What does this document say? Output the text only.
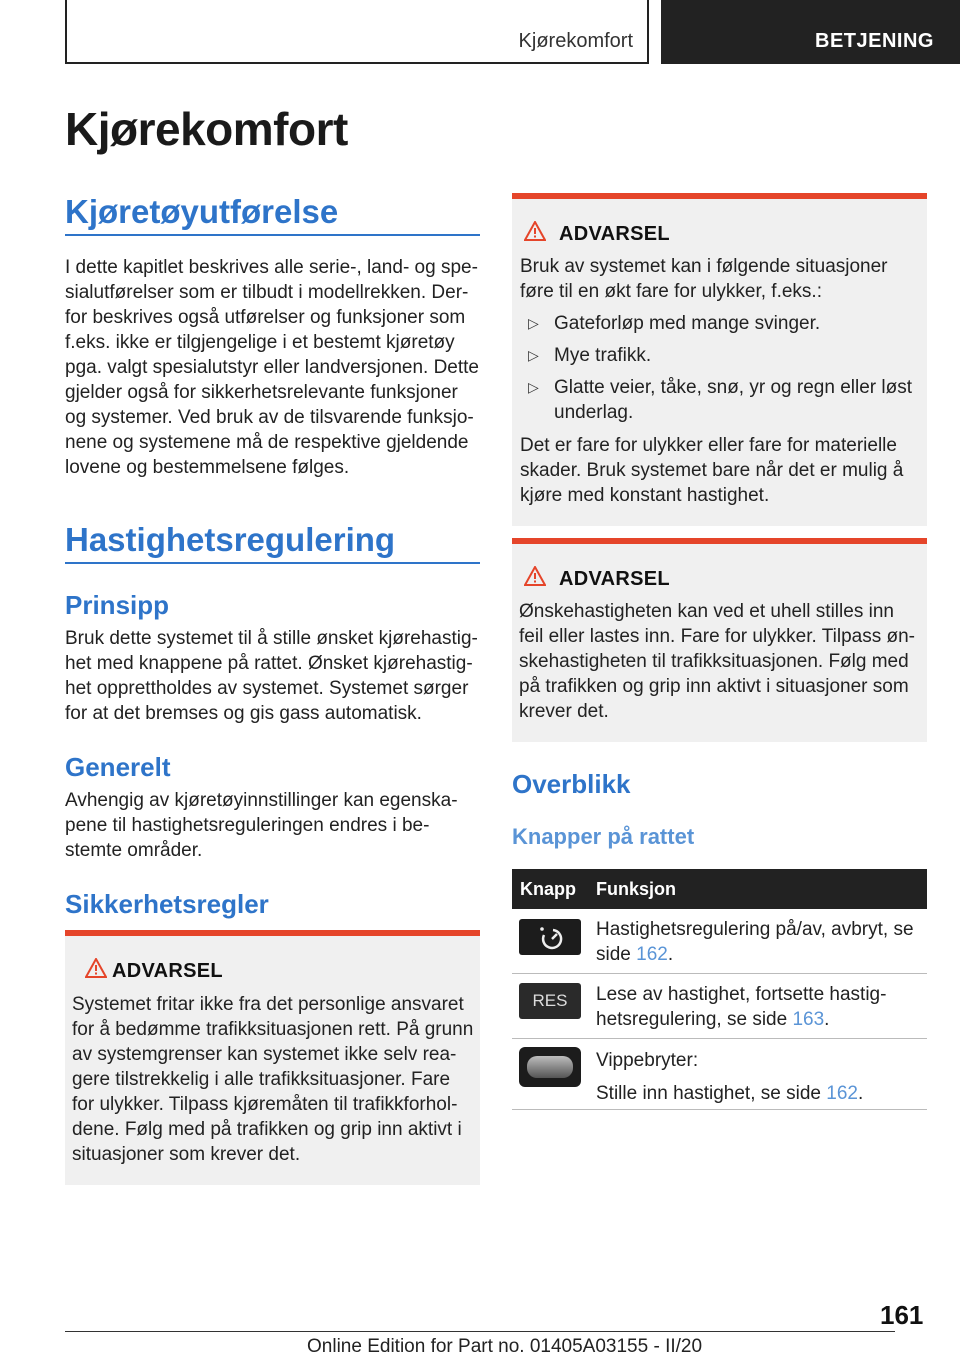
Kjørekomfort	BETJENING
Kjørekomfort
Kjøretøyutførelse
I dette kapitlet beskrives alle serie-, land- og spe-
sialutførelser som er tilbudt i modellrekken. Der-
for beskrives også utførelser og funksjoner som
f.eks. ikke er tilgjengelige i et bestemt kjøretøy
pga. valgt spesialutstyr eller landversjonen. Dette
gjelder også for sikkerhetsrelevante funksjoner
og systemer. Ved bruk av de tilsvarende funksjo-
nene og systemene må de respektive gjeldende
lovene og bestemmelsene følges.
Hastighetsregulering
Prinsipp
Bruk dette systemet til å stille ønsket kjørehastig-
het med knappene på rattet. Ønsket kjørehastig-
het opprettholdes av systemet. Systemet sørger
for at det bremses og gis gass automatisk.
Generelt
Avhengig av kjøretøyinnstillinger kan egenska-
pene til hastighetsreguleringen endres i be-
stemte områder.
Sikkerhetsregler
ADVARSEL
Systemet fritar ikke fra det personlige ansvaret
for å bedømme trafikksituasjonen rett. På grunn
av systemgrenser kan systemet ikke selv rea-
gere tilstrekkelig i alle trafikksituasjoner. Fare
for ulykker. Tilpass kjøremåten til trafikkforhol-
dene. Følg med på trafikken og grip inn aktivt i
situasjoner som krever det.
ADVARSEL
Bruk av systemet kan i følgende situasjoner
føre til en økt fare for ulykker, f.eks.:
▷ Gateforløp med mange svinger.
▷ Mye trafikk.
▷ Glatte veier, tåke, snø, yr og regn eller løst
underlag.
Det er fare for ulykker eller fare for materielle
skader. Bruk systemet bare når det er mulig å
kjøre med konstant hastighet.
ADVARSEL
Ønskehastigheten kan ved et uhell stilles inn
feil eller lastes inn. Fare for ulykker. Tilpass øn-
skehastigheten til trafikksituasjonen. Følg med
på trafikken og grip inn aktivt i situasjoner som
krever det.
Overblikk
Knapper på rattet
Knapp Funksjon
Hastighetsregulering på/av, avbryt, se
side 162.
RES	Lese av hastighet, fortsette hastig-
hetsregulering, se side 163.
Vippebryter:
Stille inn hastighet, se side 162.
161
Online Edition for Part no. 01405A03155 - II/20
